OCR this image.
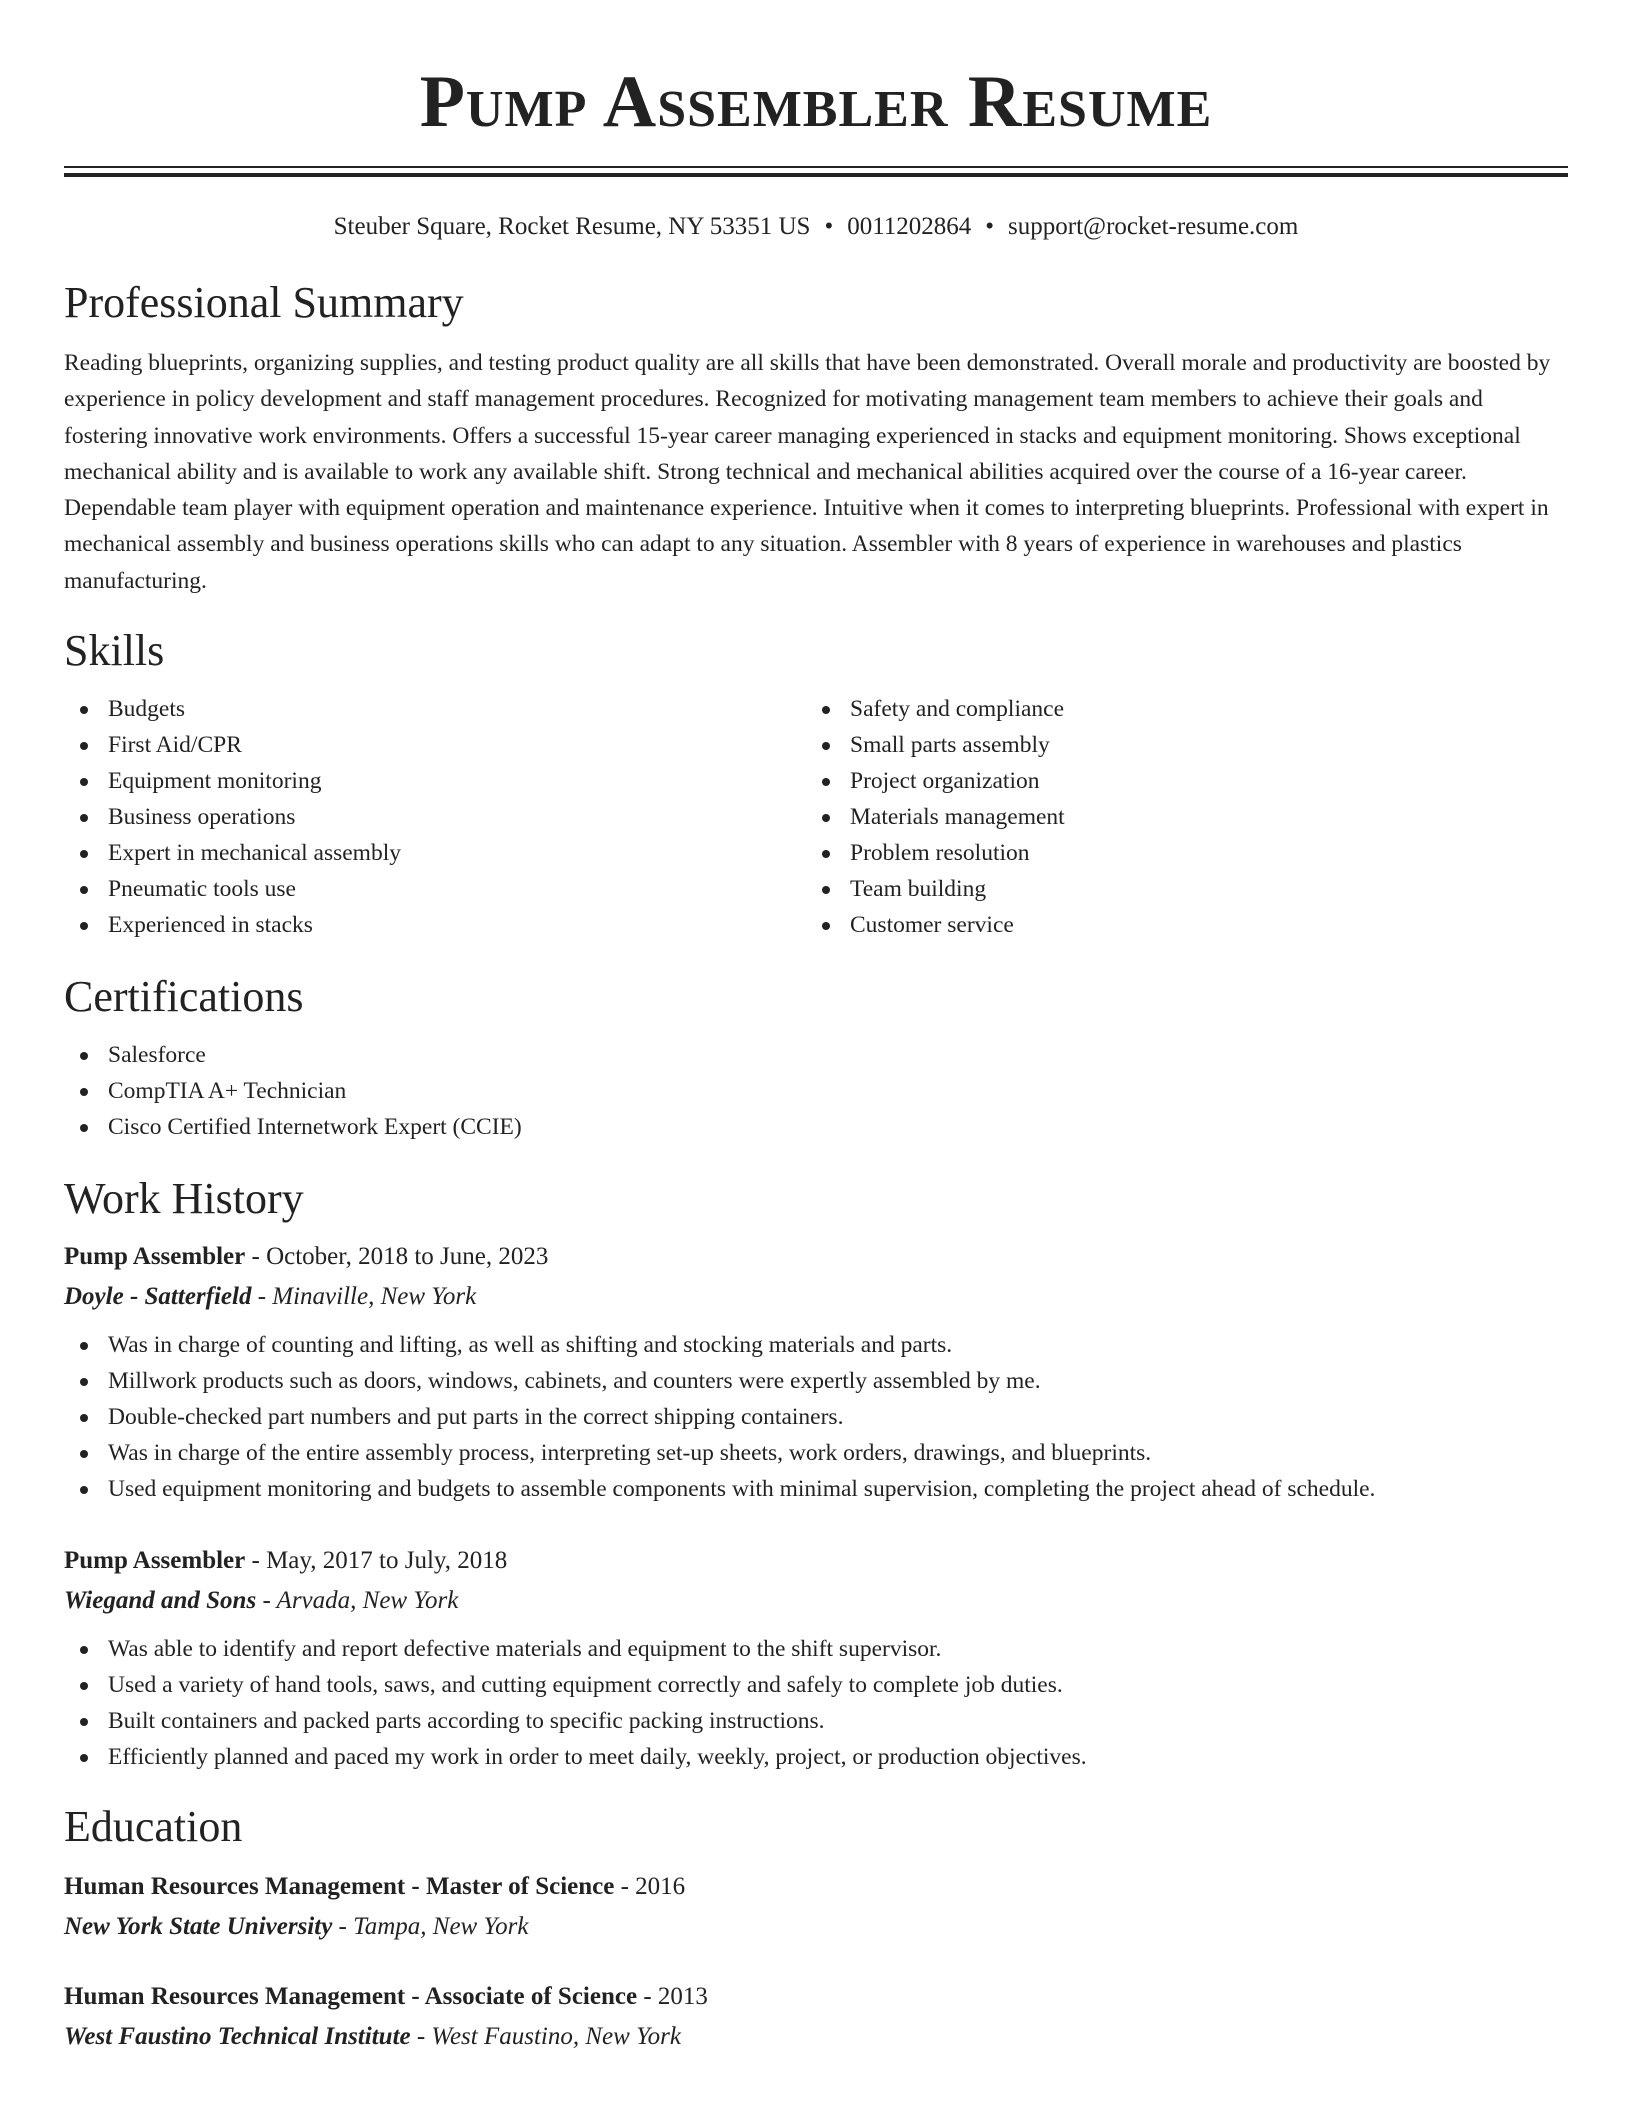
Pump Assembler Resume
Steuber Square, Rocket Resume, NY 53351 US • 0011202864 • support@rocket-resume.com
Professional Summary

Reading blueprints, organizing supplies, and testing product quality are all skills that have been demonstrated. Overall morale and productivity are boosted by experience in policy development and staff management procedures. Recognized for motivating management team members to achieve their goals and fostering innovative work environments. Offers a successful 15-year career managing experienced in stacks and equipment monitoring. Shows exceptional mechanical ability and is available to work any available shift. Strong technical and mechanical abilities acquired over the course of a 16-year career. Dependable team player with equipment operation and maintenance experience. Intuitive when it comes to interpreting blueprints. Professional with expert in mechanical assembly and business operations skills who can adapt to any situation. Assembler with 8 years of experience in warehouses and plastics manufacturing.

Skills
Budgets
First Aid/CPR
Equipment monitoring
Business operations
Expert in mechanical assembly
Pneumatic tools use
Experienced in stacks
Safety and compliance
Small parts assembly
Project organization
Materials management
Problem resolution
Team building
Customer service
Certifications
Salesforce
CompTIA A+ Technician
Cisco Certified Internetwork Expert (CCIE)
Work History
Pump Assembler - October, 2018 to June, 2023
Doyle - Satterfield - Minaville, New York
Was in charge of counting and lifting, as well as shifting and stocking materials and parts.
Millwork products such as doors, windows, cabinets, and counters were expertly assembled by me.
Double-checked part numbers and put parts in the correct shipping containers.
Was in charge of the entire assembly process, interpreting set-up sheets, work orders, drawings, and blueprints.
Used equipment monitoring and budgets to assemble components with minimal supervision, completing the project ahead of schedule.
Pump Assembler - May, 2017 to July, 2018
Wiegand and Sons - Arvada, New York
Was able to identify and report defective materials and equipment to the shift supervisor.
Used a variety of hand tools, saws, and cutting equipment correctly and safely to complete job duties.
Built containers and packed parts according to specific packing instructions.
Efficiently planned and paced my work in order to meet daily, weekly, project, or production objectives.
Education
Human Resources Management - Master of Science - 2016
New York State University - Tampa, New York
Human Resources Management - Associate of Science - 2013
West Faustino Technical Institute - West Faustino, New York
